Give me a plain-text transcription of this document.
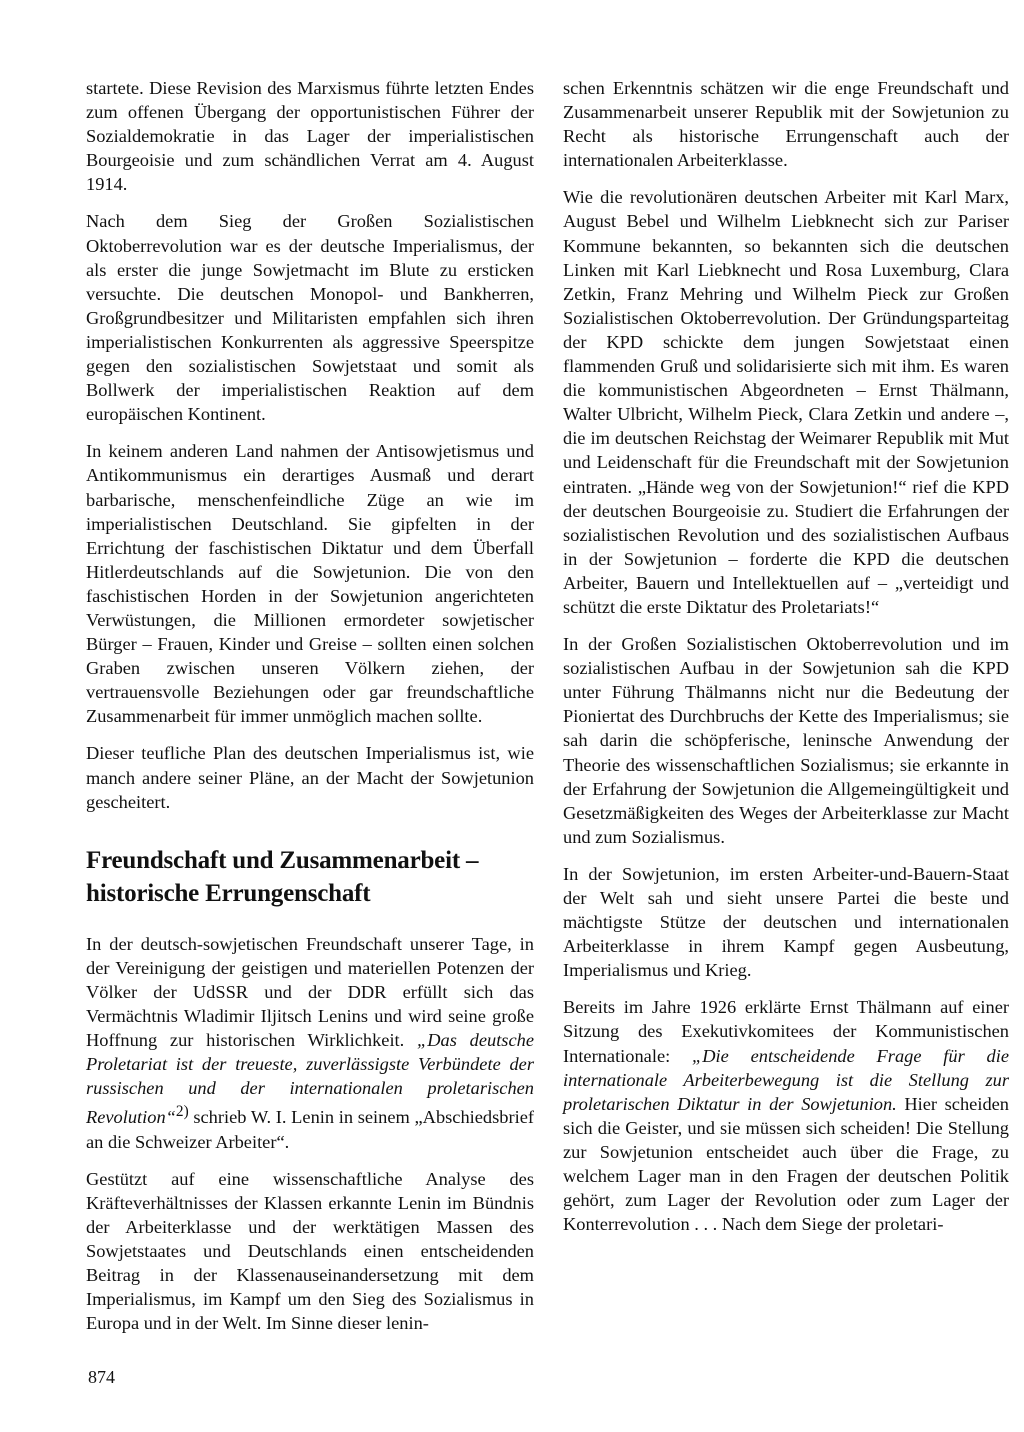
startete. Diese Revision des Marxismus führte letzten Endes zum offenen Übergang der opportunistischen Führer der Sozialdemokratie in das Lager der imperialistischen Bourgeoisie und zum schändlichen Verrat am 4. August 1914.

Nach dem Sieg der Großen Sozialistischen Oktoberrevolution war es der deutsche Imperialismus, der als erster die junge Sowjetmacht im Blute zu ersticken versuchte. Die deutschen Monopol- und Bankherren, Großgrundbesitzer und Militaristen empfahlen sich ihren imperialistischen Konkurrenten als aggressive Speerspitze gegen den sozialistischen Sowjetstaat und somit als Bollwerk der imperialistischen Reaktion auf dem europäischen Kontinent.

In keinem anderen Land nahmen der Antisowjetismus und Antikommunismus ein derartiges Ausmaß und derart barbarische, menschenfeindliche Züge an wie im imperialistischen Deutschland. Sie gipfelten in der Errichtung der faschistischen Diktatur und dem Überfall Hitlerdeutschlands auf die Sowjetunion. Die von den faschistischen Horden in der Sowjetunion angerichteten Verwüstungen, die Millionen ermordeter sowjetischer Bürger – Frauen, Kinder und Greise – sollten einen solchen Graben zwischen unseren Völkern ziehen, der vertrauensvolle Beziehungen oder gar freundschaftliche Zusammenarbeit für immer unmöglich machen sollte.

Dieser teufliche Plan des deutschen Imperialismus ist, wie manch andere seiner Pläne, an der Macht der Sowjetunion gescheitert.

Freundschaft und Zusammenarbeit –
historische Errungenschaft

In der deutsch-sowjetischen Freundschaft unserer Tage, in der Vereinigung der geistigen und materiellen Potenzen der Völker der UdSSR und der DDR erfüllt sich das Vermächtnis Wladimir Iljitsch Lenins und wird seine große Hoffnung zur historischen Wirklichkeit. „Das deutsche Proletariat ist der treueste, zuverlässigste Verbündete der russischen und der internationalen proletarischen Revolution“$^{2)}$ schrieb W. I. Lenin in seinem „Abschiedsbrief an die Schweizer Arbeiter“.

Gestützt auf eine wissenschaftliche Analyse des Kräfteverhältnisses der Klassen erkannte Lenin im Bündnis der Arbeiterklasse und der werktätigen Massen des Sowjetstaates und Deutschlands einen entscheidenden Beitrag in der Klassenauseinandersetzung mit dem Imperialismus, im Kampf um den Sieg des Sozialismus in Europa und in der Welt. Im Sinne dieser lenin-

schen Erkenntnis schätzen wir die enge Freundschaft und Zusammenarbeit unserer Republik mit der Sowjetunion zu Recht als historische Errungenschaft auch der internationalen Arbeiterklasse.

Wie die revolutionären deutschen Arbeiter mit Karl Marx, August Bebel und Wilhelm Liebknecht sich zur Pariser Kommune bekannten, so bekannten sich die deutschen Linken mit Karl Liebknecht und Rosa Luxemburg, Clara Zetkin, Franz Mehring und Wilhelm Pieck zur Großen Sozialistischen Oktoberrevolution. Der Gründungsparteitag der KPD schickte dem jungen Sowjetstaat einen flammenden Gruß und solidarisierte sich mit ihm. Es waren die kommunistischen Abgeordneten – Ernst Thälmann, Walter Ulbricht, Wilhelm Pieck, Clara Zetkin und andere –, die im deutschen Reichstag der Weimarer Republik mit Mut und Leidenschaft für die Freundschaft mit der Sowjetunion eintraten. „Hände weg von der Sowjetunion!“ rief die KPD der deutschen Bourgeoisie zu. Studiert die Erfahrungen der sozialistischen Revolution und des sozialistischen Aufbaus in der Sowjetunion – forderte die KPD die deutschen Arbeiter, Bauern und Intellektuellen auf – „verteidigt und schützt die erste Diktatur des Proletariats!“

In der Großen Sozialistischen Oktoberrevolution und im sozialistischen Aufbau in der Sowjetunion sah die KPD unter Führung Thälmanns nicht nur die Bedeutung der Pioniertat des Durchbruchs der Kette des Imperialismus; sie sah darin die schöpferische, leninsche Anwendung der Theorie des wissenschaftlichen Sozialismus; sie erkannte in der Erfahrung der Sowjetunion die Allgemeingültigkeit und Gesetzmäßigkeiten des Weges der Arbeiterklasse zur Macht und zum Sozialismus.

In der Sowjetunion, im ersten Arbeiter-und-Bauern-Staat der Welt sah und sieht unsere Partei die beste und mächtigste Stütze der deutschen und internationalen Arbeiterklasse in ihrem Kampf gegen Ausbeutung, Imperialismus und Krieg.

Bereits im Jahre 1926 erklärte Ernst Thälmann auf einer Sitzung des Exekutivkomitees der Kommunistischen Internationale: „Die entscheidende Frage für die internationale Arbeiterbewegung ist die Stellung zur proletarischen Diktatur in der Sowjetunion. Hier scheiden sich die Geister, und sie müssen sich scheiden! Die Stellung zur Sowjetunion entscheidet auch über die Frage, zu welchem Lager man in den Fragen der deutschen Politik gehört, zum Lager der Revolution oder zum Lager der Konterrevolution . . . Nach dem Siege der proletari-

874
